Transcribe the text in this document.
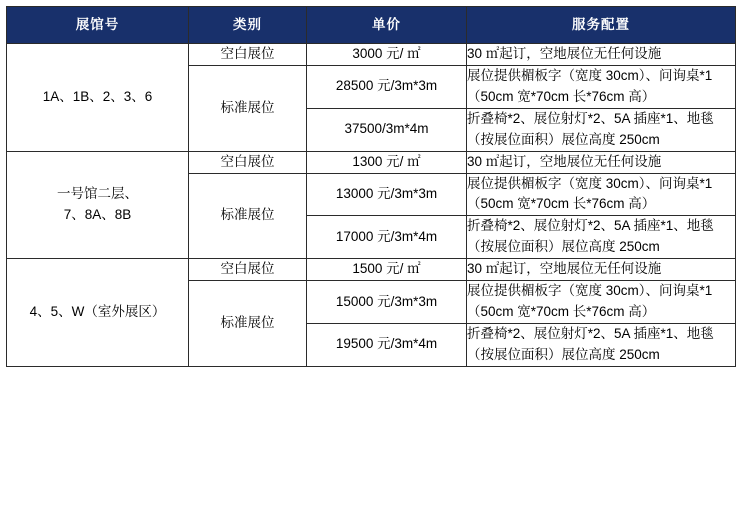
展馆号	类别	单价	服务配置

1A、1B、2、3、6	空白展位	3000 元/ ㎡	30 ㎡起订，空地展位无任何设施

	标准展位	28500 元/3m*3m	展位提供楣板字（宽度 30cm）、问询桌*1
（50cm 宽*70cm 长*76cm 高）

		37500/3m*4m	折叠椅*2、展位射灯*2、5A 插座*1、地毯
（按展位面积）展位高度 250cm

一号馆二层、
7、8A、8B	空白展位	1300 元/ ㎡	30 ㎡起订，空地展位无任何设施

	标准展位	13000 元/3m*3m	展位提供楣板字（宽度 30cm）、问询桌*1
（50cm 宽*70cm 长*76cm 高）

		17000 元/3m*4m	折叠椅*2、展位射灯*2、5A 插座*1、地毯
（按展位面积）展位高度 250cm

4、5、W（室外展区）	空白展位	1500 元/ ㎡	30 ㎡起订，空地展位无任何设施

	标准展位	15000 元/3m*3m	展位提供楣板字（宽度 30cm）、问询桌*1
（50cm 宽*70cm 长*76cm 高）

		19500 元/3m*4m	折叠椅*2、展位射灯*2、5A 插座*1、地毯
（按展位面积）展位高度 250cm
